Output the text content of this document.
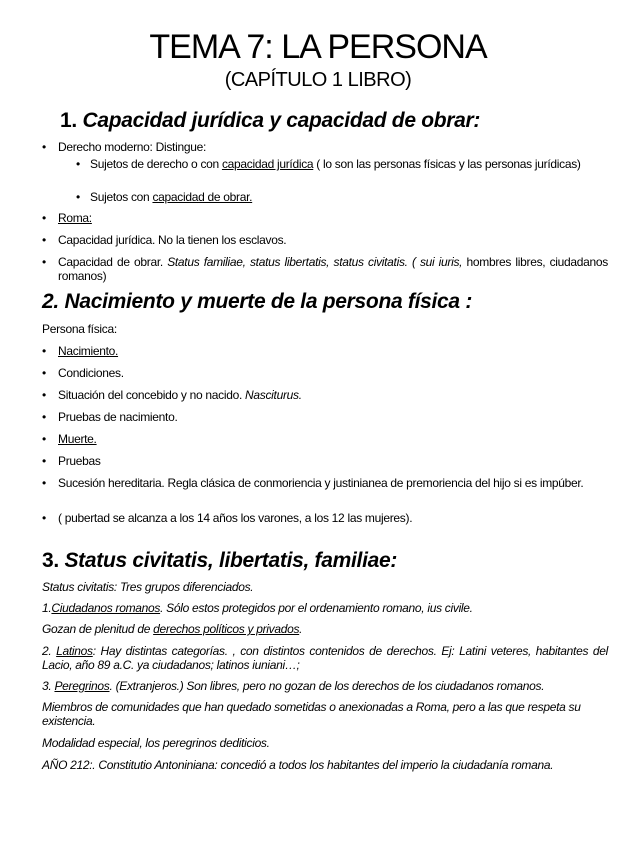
TEMA 7: LA PERSONA
(CAPÍTULO 1 LIBRO)
1. Capacidad jurídica y capacidad de obrar:
•	Derecho moderno: Distingue:
• Sujetos de derecho o con capacidad jurídica ( lo son las personas físicas y las personas jurídicas)
• Sujetos con capacidad de obrar.
•	Roma:
•	Capacidad jurídica. No la tienen los esclavos.
•	Capacidad de obrar. Status familiae, status libertatis, status civitatis. ( sui iuris, hombres libres, ciudadanos romanos)
2. Nacimiento y muerte de la persona física :
Persona física:
•	Nacimiento.
•	Condiciones.
•	Situación del concebido y no nacido. Nasciturus.
•	Pruebas de nacimiento.
•	Muerte.
•	Pruebas
•	Sucesión hereditaria. Regla clásica de conmoriencia y justinianea de premoriencia del hijo si es impúber.
•	( pubertad se alcanza a los 14 años los varones, a los 12 las mujeres).
3. Status civitatis, libertatis, familiae:
Status civitatis: Tres grupos diferenciados.
1.Ciudadanos romanos. Sólo estos protegidos por el ordenamiento romano, ius civile.
Gozan de plenitud de derechos políticos y privados.
2. Latinos: Hay distintas categorías. , con distintos contenidos de derechos. Ej: Latini veteres, habitantes del Lacio, año 89 a.C. ya ciudadanos; latinos iuniani…;
3. Peregrinos. (Extranjeros.) Son libres, pero no gozan de los derechos de los ciudadanos romanos.
Miembros de comunidades que han quedado sometidas o anexionadas a Roma, pero a las que respeta su existencia.
Modalidad especial, los peregrinos dediticios.
AÑO 212:. Constitutio Antoniniana: concedió a todos los habitantes del imperio la ciudadanía romana.
